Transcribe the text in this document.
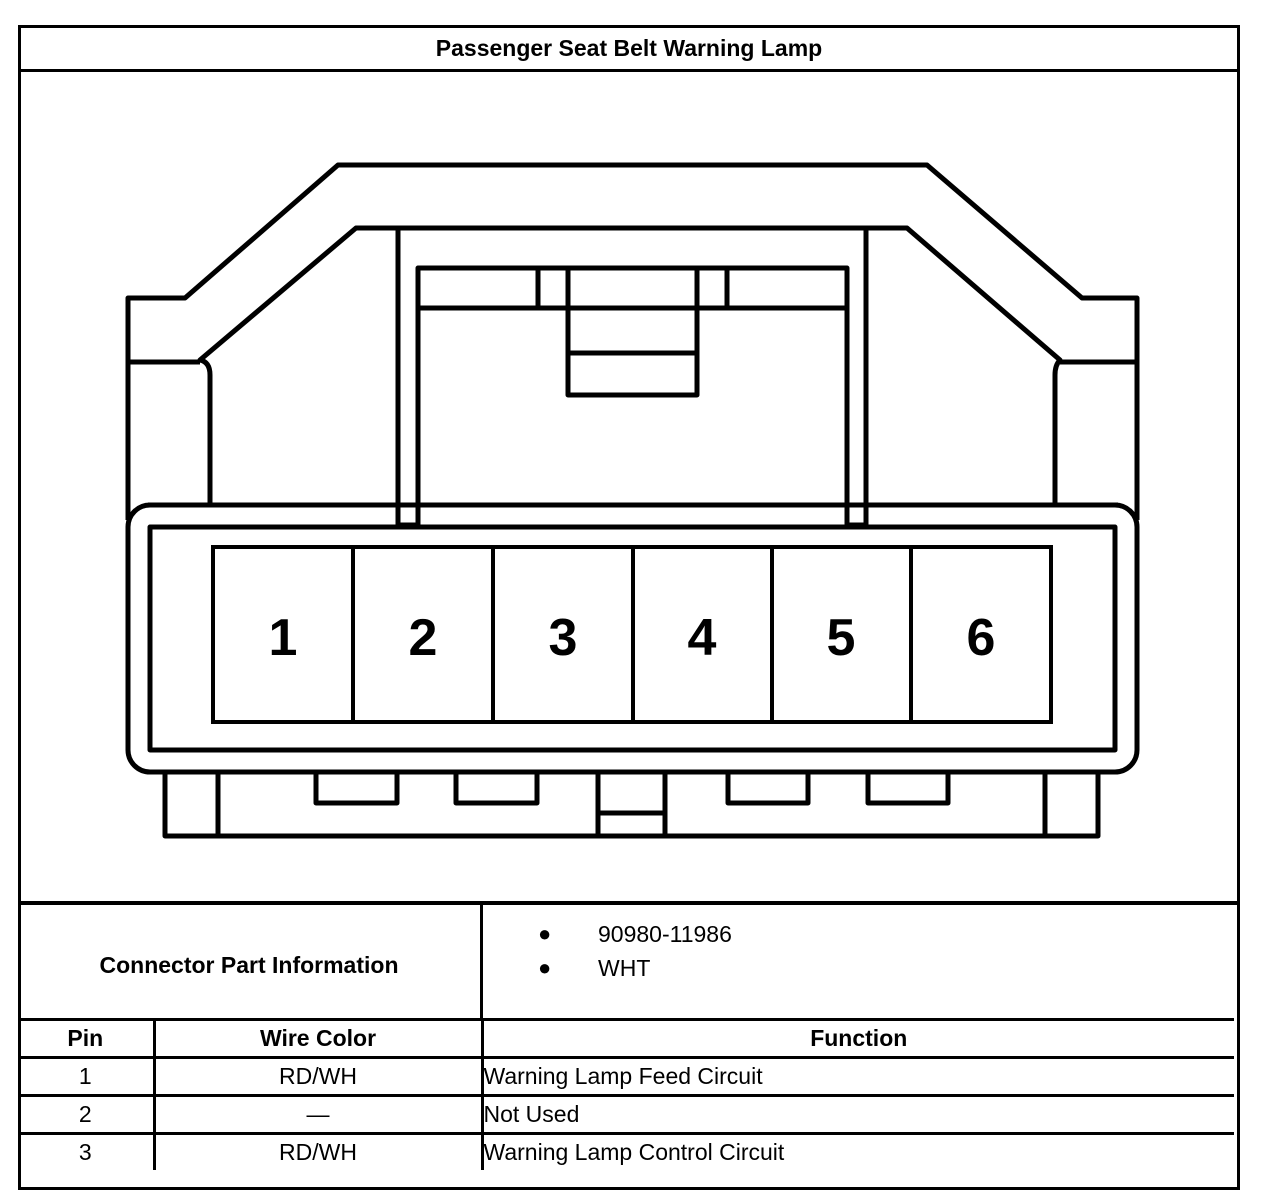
Passenger Seat Belt Warning Lamp
1 2 3 4 5 6
Connector Part Information
●	90980-11986
●	WHT
Pin	Wire Color	Function
1	RD/WH	Warning Lamp Feed Circuit
2	—	Not Used
3	RD/WH	Warning Lamp Control Circuit
